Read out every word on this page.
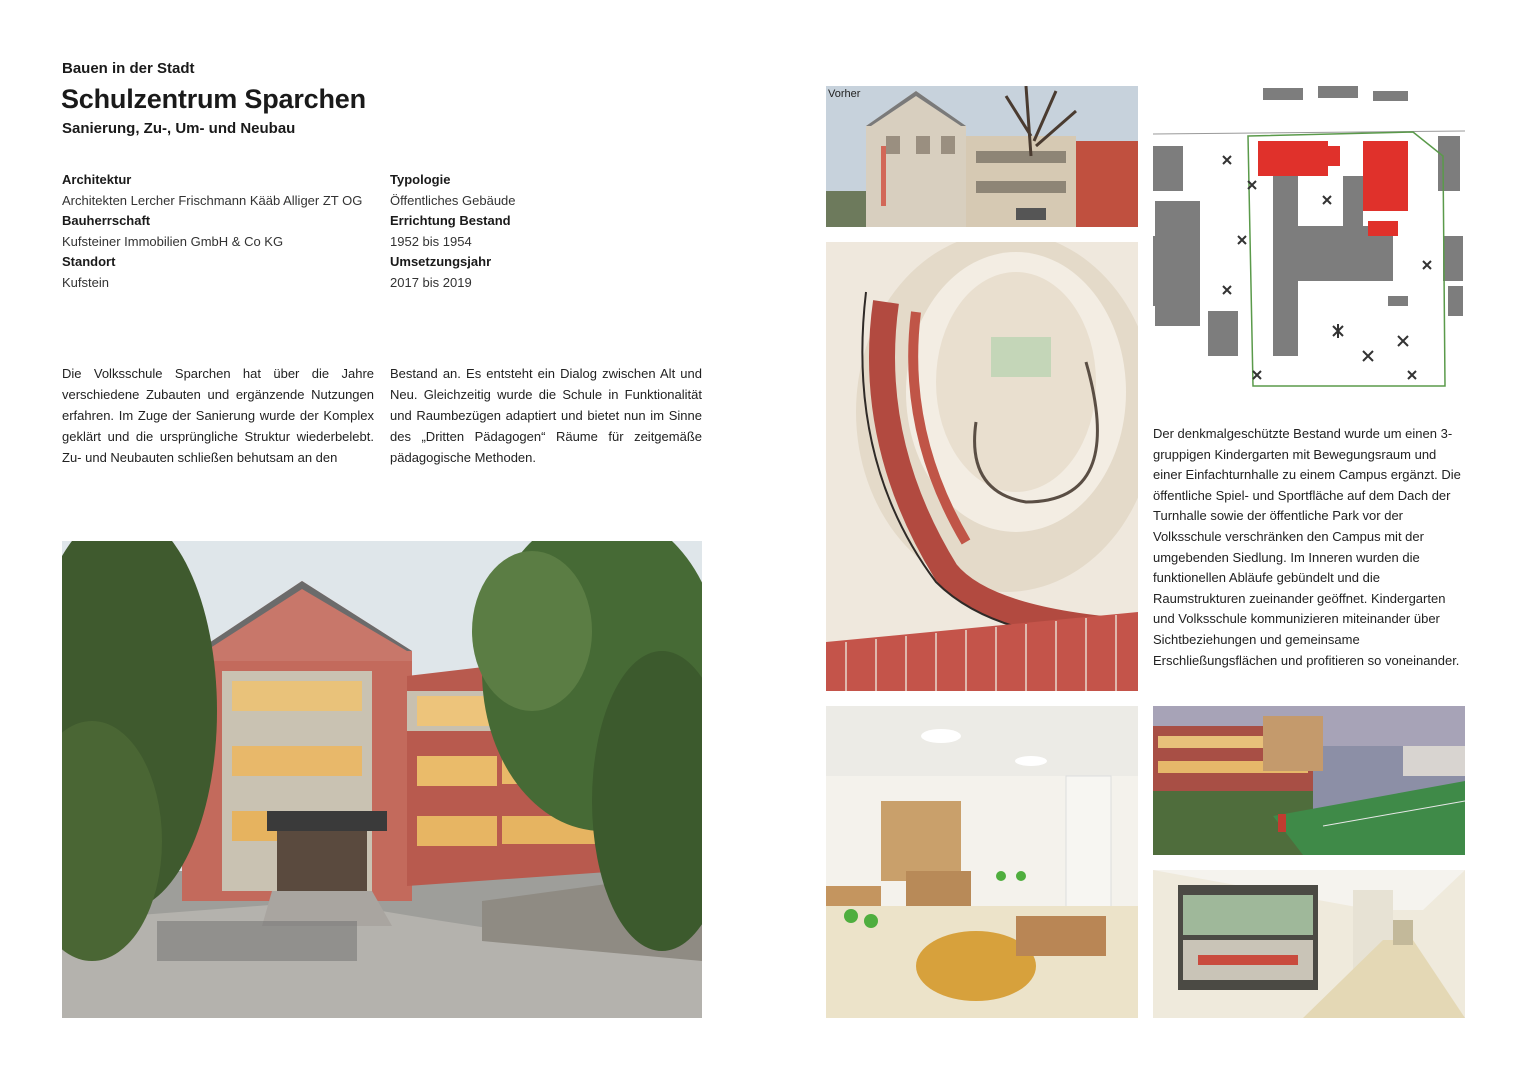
Bauen in der Stadt
Schulzentrum Sparchen
Sanierung, Zu-, Um- und Neubau
Architektur
Architekten Lercher Frischmann Kääb Alliger ZT OG
Bauherrschaft
Kufsteiner Immobilien GmbH & Co KG
Standort
Kufstein
Typologie
Öffentliches Gebäude
Errichtung Bestand
1952 bis 1954
Umsetzungsjahr
2017 bis 2019
Die Volksschule Sparchen hat über die Jahre verschiedene Zubauten und ergänzende Nutzungen erfahren. Im Zuge der Sanierung wurde der Komplex geklärt und die ursprüngliche Struktur wiederbelebt. Zu- und Neubauten schließen behutsam an den
Bestand an. Es entsteht ein Dialog zwischen Alt und Neu. Gleichzeitig wurde die Schule in Funktionalität und Raumbezügen adaptiert und bietet nun im Sinne des „Dritten Pädagogen“ Räume für zeitgemäße pädagogische Methoden.
Der denkmalgeschützte Bestand wurde um einen 3-gruppigen Kindergarten mit Bewegungsraum und einer Einfachturnhalle zu einem Campus ergänzt. Die öffentliche Spiel- und Sportfläche auf dem Dach der Turnhalle sowie der öffentliche Park vor der Volksschule verschränken den Campus mit der umgebenden Siedlung. Im Inneren wurden die funktionellen Abläufe gebündelt und die Raumstrukturen zueinander geöffnet. Kindergarten und Volksschule kommunizieren miteinander über Sichtbeziehungen und gemeinsame Erschließungsflächen und profitieren so voneinander.
Vorher
